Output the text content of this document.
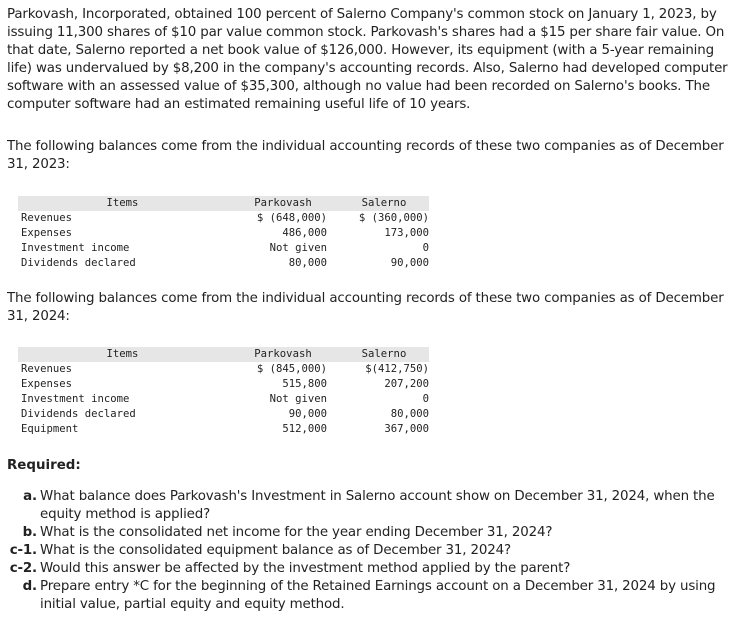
Parkovash, Incorporated, obtained 100 percent of Salerno Company's common stock on January 1, 2023, by issuing 11,300 shares of $10 par value common stock. Parkovash's shares had a $15 per share fair value. On that date, Salerno reported a net book value of $126,000. However, its equipment (with a 5-year remaining life) was undervalued by $8,200 in the company's accounting records. Also, Salerno had developed computer software with an assessed value of $35,300, although no value had been recorded on Salerno's books. The computer software had an estimated remaining useful life of 10 years.

The following balances come from the individual accounting records of these two companies as of December 31, 2023:

Items		Parkovash		Salerno
Revenues		$ (648,000)		$ (360,000)
Expenses		486,000		173,000
Investment income		Not given		0
Dividends declared		80,000		90,000

The following balances come from the individual accounting records of these two companies as of December 31, 2024:

Items		Parkovash		Salerno
Revenues		$ (845,000)		$(412,750)
Expenses		515,800		207,200
Investment income		Not given		0
Dividends declared		90,000		80,000
Equipment		512,000		367,000

Required:

a. What balance does Parkovash's Investment in Salerno account show on December 31, 2024, when the equity method is applied?
b. What is the consolidated net income for the year ending December 31, 2024?
c-1. What is the consolidated equipment balance as of December 31, 2024?
c-2. Would this answer be affected by the investment method applied by the parent?
d. Prepare entry *C for the beginning of the Retained Earnings account on a December 31, 2024 by using initial value, partial equity and equity method.
